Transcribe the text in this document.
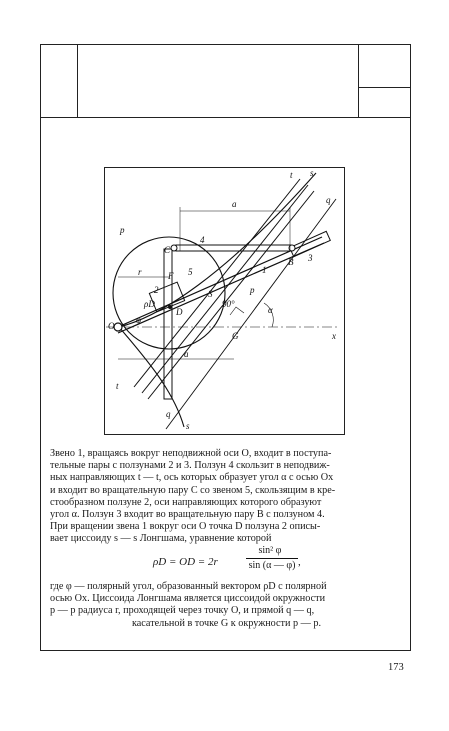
t s
q
a
p
C
4
B 3
r	F 5
S
1
2
ρD
D
90°
p
α
O
φ
G	x
a
t
q
s

Звено 1, вращаясь вокруг неподвижной оси O, входит в поступа-

тельные пары с ползунами 2 и 3. Ползун 4 скользит в неподвиж-

ных направляющих t — t, ось которых образует угол α с осью Ox

и входит во вращательную пару C со звеном 5, скользящим в кре-

стообразном ползуне 2, оси направляющих которого образуют

угол α. Ползун 3 входит во вращательную пару B с ползуном 4.

При вращении звена 1 вокруг оси O точка D ползуна 2 описы-

вает циссоиду s — s Лонгшама, уравнение которой

ρD = OD = 2r
sin² φ
sin (α — φ) ,

где φ — полярный угол, образованный вектором ρD с полярной

осью Ox. Циссоида Лонгшама является циссоидой окружности

p — p радиуса r, проходящей через точку O, и прямой q — q,

касательной в точке G к окружности p — p.

173
